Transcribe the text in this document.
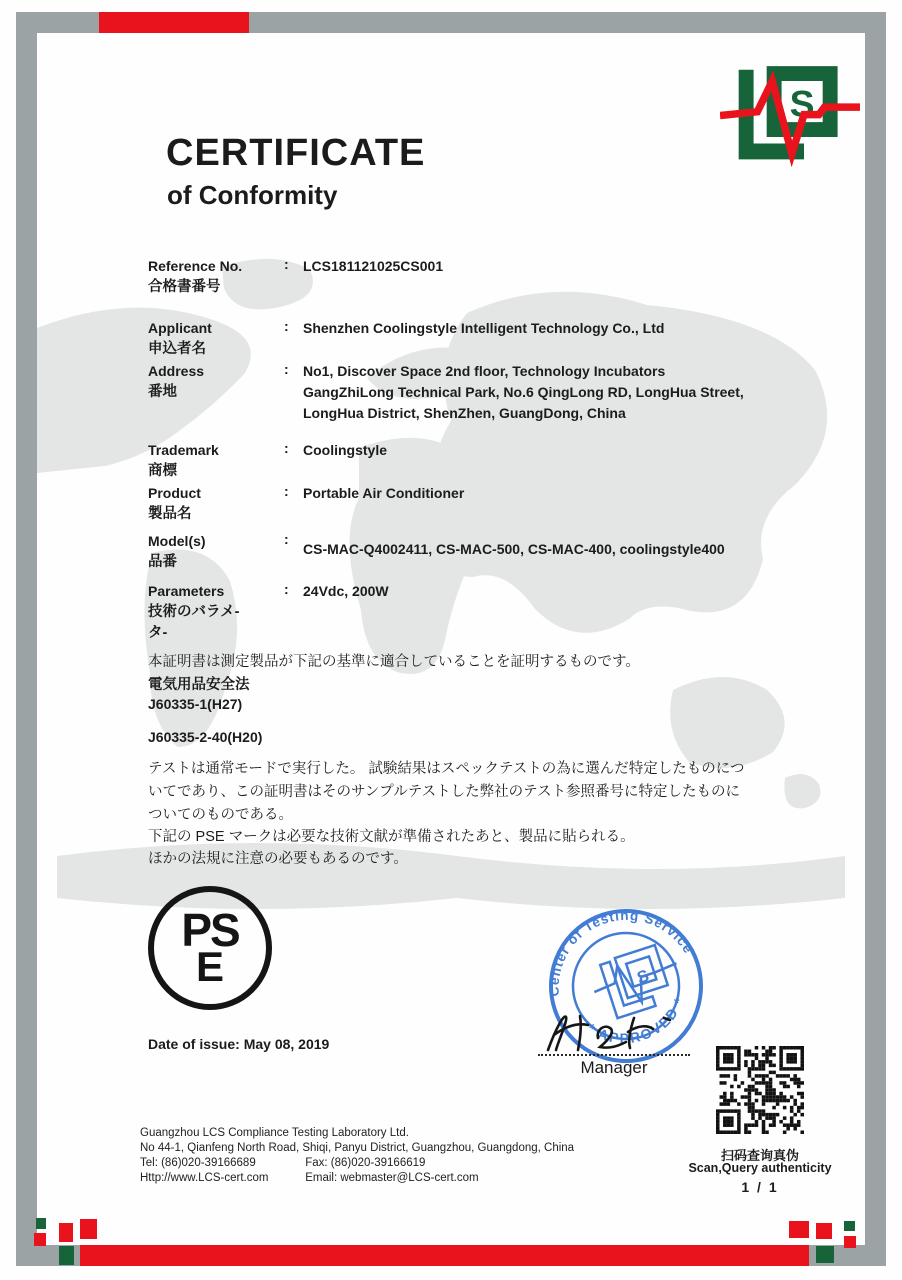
S
CERTIFICATE
of Conformity
Reference No.
合格書番号
: LCS181121025CS001
Applicant
申込者名
: Shenzhen Coolingstyle Intelligent Technology Co., Ltd
Address
番地
: No1, Discover Space 2nd floor, Technology Incubators
GangZhiLong Technical Park, No.6 QingLong RD, LongHua Street,
LongHua District, ShenZhen, GuangDong, China
Trademark
商標
: Coolingstyle
Product
製品名
: Portable Air Conditioner
Model(s)
品番
:
CS-MAC-Q4002411, CS-MAC-500, CS-MAC-400, coolingstyle400
Parameters
技術のバラメ-
タ-
: 24Vdc, 200W
本証明書は測定製品が下記の基準に適合していることを証明するものです。
電気用品安全法
J60335-1(H27)
J60335-2-40(H20)
テストは通常モードで実行した。 試験結果はスペックテストの為に選んだ特定したものにつ
いてであり、この証明書はそのサンプルテストした弊社のテスト参照番号に特定したものに
ついてのものである。
下記の PSE マークは必要な技術文献が準備されたあと、製品に貼られる。
ほかの法規に注意の必要もあるのです。
PS
E
Center of Testing Service
* APPROVED *
S
Manager
Date of issue: May 08, 2019
Guangzhou LCS Compliance Testing Laboratory Ltd.
No 44-1, Qianfeng North Road, Shiqi, Panyu District, Guangzhou, Guangdong, China
Tel: (86)020-39166689	Fax: (86)020-39166619
Http://www.LCS-cert.com	Email: webmaster@LCS-cert.com
扫码查询真伪
Scan,Query authenticity
1 / 1
